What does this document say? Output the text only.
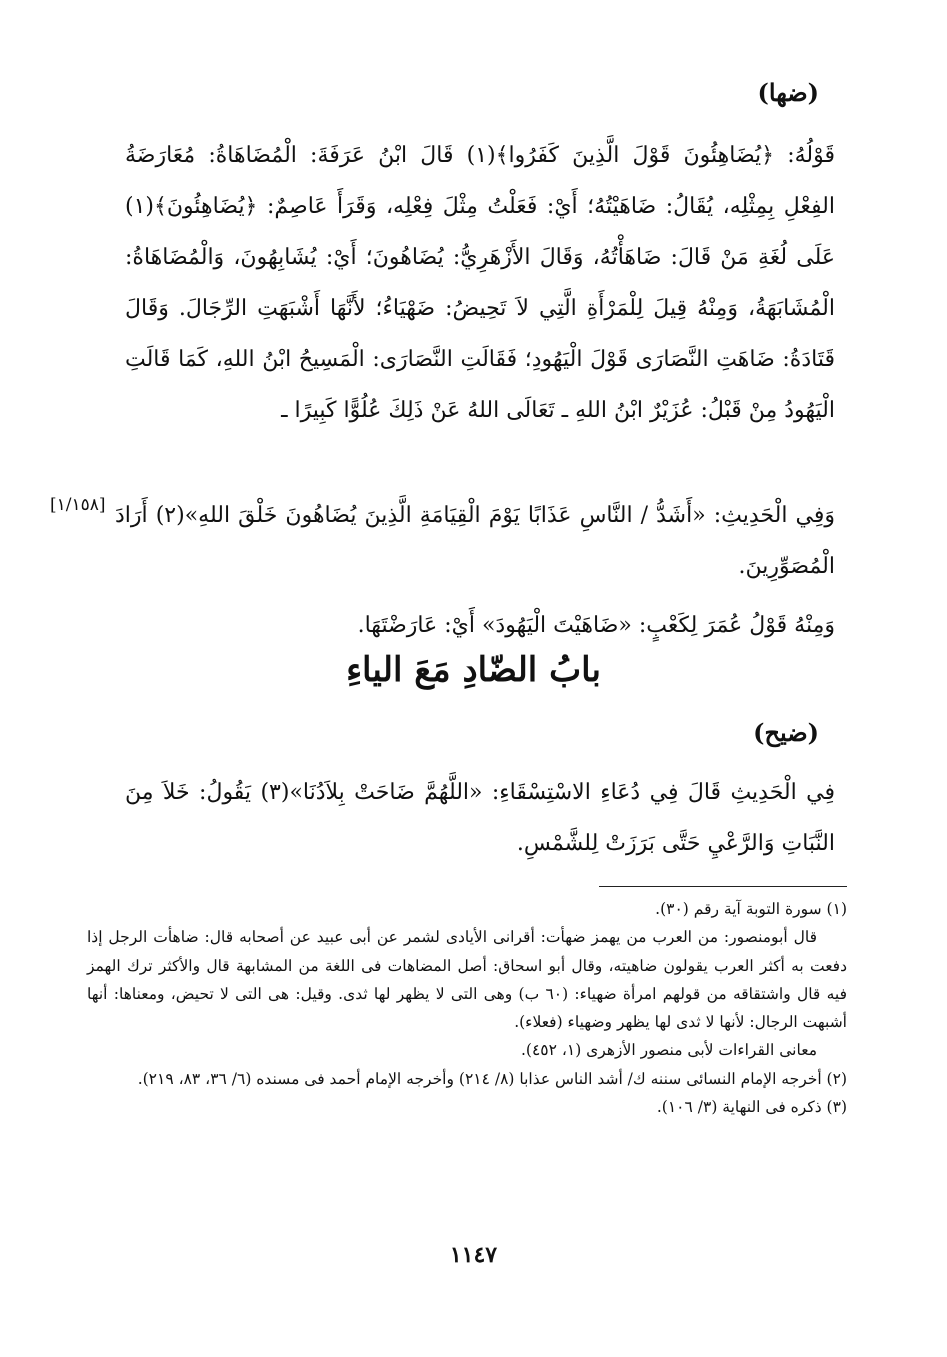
(ضها)

قَوْلُهُ: ﴿يُضَاهِئُونَ قَوْلَ الَّذِينَ كَفَرُوا﴾(١) قَالَ ابْنُ عَرَفَةَ: الْمُضَاهَاةُ: مُعَارَضَةُ الفِعْلِ بِمِثْلِه، يُقَالُ: ضَاهَيْتُهُ؛ أَيْ: فَعَلْتُ مِثْلَ فِعْلِه، وَقَرَأَ عَاصِمٌ: ﴿يُضَاهِئُونَ﴾(١) عَلَى لُغَةِ مَنْ قَالَ: ضَاهَأْتُهُ، وَقَالَ الأَزْهَرِيُّ: يُضَاهُونَ؛ أَيْ: يُشَابِهُونَ، وَالْمُضَاهَاةُ: الْمُشَابَهَةُ، وَمِنْهُ قِيلَ لِلْمَرْأَةِ الَّتِي لاَ تَحِيضُ: ضَهْيَاءُ؛ لأَنَّهَا أَشْبَهَتِ الرِّجَالَ. وَقَالَ قَتَادَةُ: ضَاهَتِ النَّصَارَى قَوْلَ الْيَهُودِ؛ فَقَالَتِ النَّصَارَى: الْمَسِيحُ ابْنُ اللهِ، كَمَا قَالَتِ الْيَهُودُ مِنْ قَبْلُ: عُزَيْرٌ ابْنُ اللهِ ـ تَعَالَى اللهُ عَنْ ذَلِكَ عُلُوًّا كَبِيرًا ـ

[١/١٥٨] وَفِي الْحَدِيثِ: «أَشَدُّ / النَّاسِ عَذَابًا يَوْمَ الْقِيَامَةِ الَّذِينَ يُضَاهُونَ خَلْقَ اللهِ»(٢) أَرَادَ الْمُصَوِّرِينَ.

وَمِنْهُ قَوْلُ عُمَرَ لِكَعْبٍ: «ضَاهَيْتَ الْيَهُودَ» أَيْ: عَارَضْتَهَا.

بابُ الضّادِ مَعَ الياءِ
(ضيح)

فِي الْحَدِيثِ قَالَ فِي دُعَاءِ الاسْتِسْقَاءِ: «اللَّهُمَّ ضَاحَتْ بِلاَدُنَا»(٣) يَقُولُ: خَلاَ مِنَ النَّبَاتِ وَالرَّعْيِ حَتَّى بَرَزَتْ لِلشَّمْسِ.

(١) سورة التوبة آية رقم (٣٠).

قال أبومنصور: من العرب من يهمز ضهأت: أقرانى الأيادى لشمر عن أبى عبيد عن أصحابه قال: ضاهأت الرجل إذا دفعت به أكثر العرب يقولون ضاهيته، وقال أبو اسحاق: أصل المضاهات فى اللغة من المشابهة قال والأكثر ترك الهمز فيه قال واشتقاقه من قولهم امرأة ضهياء: (٦٠ ب) وهى التى لا يظهر لها ثدى. وقيل: هى التى لا تحيض، ومعناها: أنها أشبهت الرجال: لأنها لا ثدى لها يظهر وضهياء (فعلاء).

معانى القراءات لأبى منصور الأزهرى (١، ٤٥٢).

(٢) أخرجه الإمام النسائى سننه ك/ أشد الناس عذابا (٨/ ٢١٤) وأخرجه الإمام أحمد فى مسنده (٦/ ٣٦، ٨٣، ٢١٩).

(٣) ذكره فى النهاية (٣/ ١٠٦).

١١٤٧
